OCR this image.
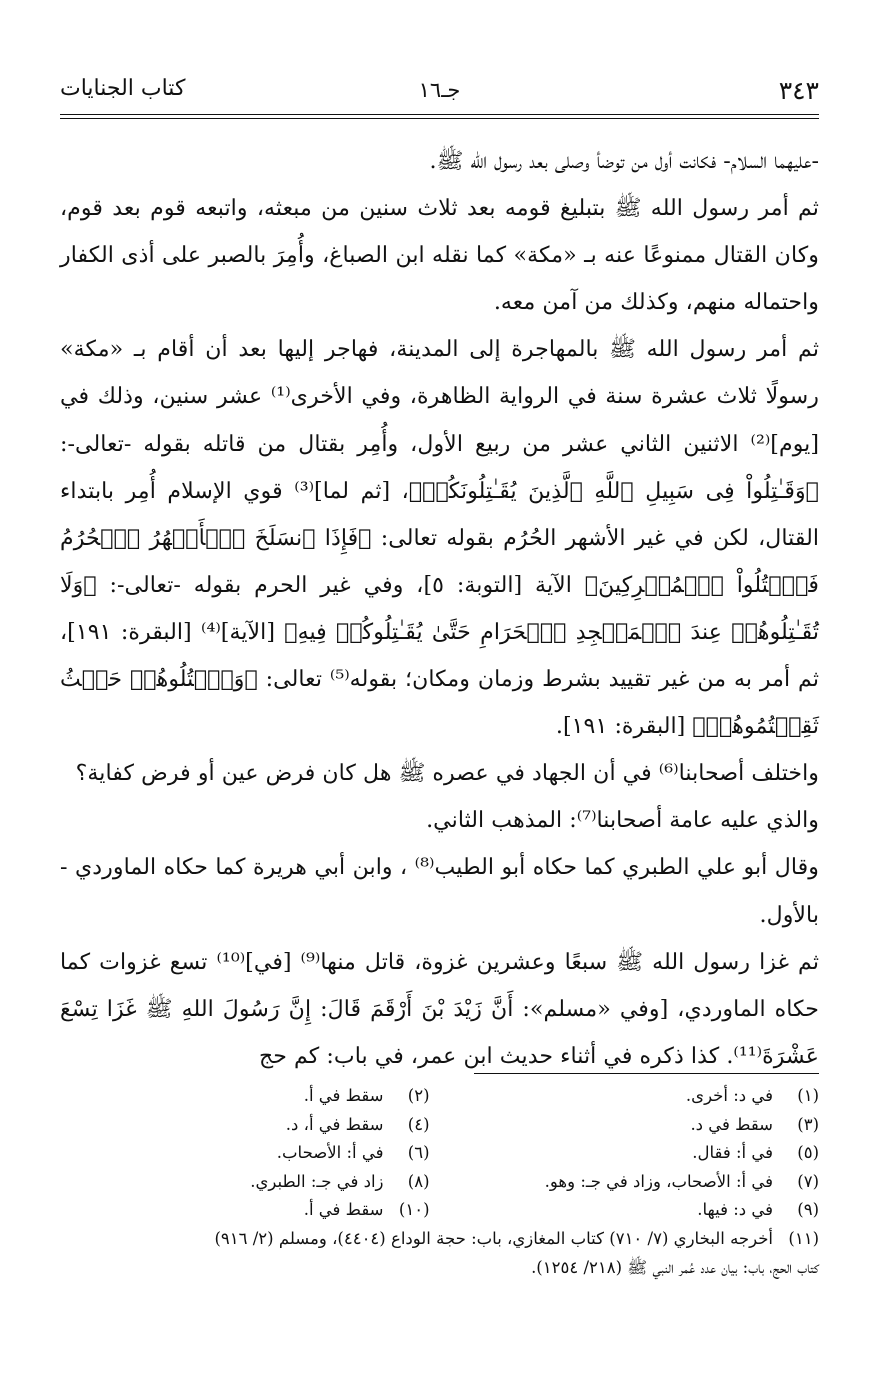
٣٤٣
جـ١٦
كتاب الجنايات

-عليهما السلام- فكانت أول من توضأ وصلى بعد رسول الله ﷺ.

ثم أمر رسول الله ﷺ بتبليغ قومه بعد ثلاث سنين من مبعثه، واتبعه قوم بعد قوم، وكان القتال ممنوعًا عنه بـ «مكة» كما نقله ابن الصباغ، وأُمِرَ بالصبر على أذى الكفار واحتماله منهم، وكذلك من آمن معه.

ثم أمر رسول الله ﷺ بالمهاجرة إلى المدينة، فهاجر إليها بعد أن أقام بـ «مكة» رسولًا ثلاث عشرة سنة في الرواية الظاهرة، وفي الأخرى⁽¹⁾ عشر سنين، وذلك في [يوم]⁽²⁾ الاثنين الثاني عشر من ربيع الأول، وأُمِر بقتال من قاتله بقوله -تعالى-: ﴿وَقَـٰتِلُواْ فِى سَبِيلِ ٱللَّهِ ٱلَّذِينَ يُقَـٰتِلُونَكُمۡ﴾، [ثم لما]⁽³⁾ قوي الإسلام أُمِر بابتداء القتال، لكن في غير الأشهر الحُرُم بقوله تعالى: ﴿فَإِذَا ٱنسَلَخَ ٱلۡأَشۡهُرُ ٱلۡحُرُمُ فَٱقۡتُلُواْ ٱلۡمُشۡرِكِينَ﴾ الآية [التوبة: ٥]، وفي غير الحرم بقوله -تعالى-: ﴿وَلَا تُقَـٰتِلُوهُمۡ عِندَ ٱلۡمَسۡجِدِ ٱلۡحَرَامِ حَتَّىٰ يُقَـٰتِلُوكُمۡ فِيهِ﴾ [الآية]⁽⁴⁾ [البقرة: ١٩١]، ثم أمر به من غير تقييد بشرط وزمان ومكان؛ بقوله⁽⁵⁾ تعالى: ﴿وَٱقۡتُلُوهُمۡ حَيۡثُ ثَقِفۡتُمُوهُمۡ﴾ [البقرة: ١٩١].

واختلف أصحابنا⁽⁶⁾ في أن الجهاد في عصره ﷺ هل كان فرض عين أو فرض كفاية؟

والذي عليه عامة أصحابنا⁽⁷⁾: المذهب الثاني.

وقال أبو علي الطبري كما حكاه أبو الطيب⁽⁸⁾ ، وابن أبي هريرة كما حكاه الماوردي - بالأول.

ثم غزا رسول الله ﷺ سبعًا وعشرين غزوة، قاتل منها⁽⁹⁾ [في]⁽¹⁰⁾ تسع غزوات كما حكاه الماوردي، [وفي «مسلم»: أَنَّ زَيْدَ بْنَ أَرْقَمَ قَالَ: إِنَّ رَسُولَ اللهِ ﷺ غَزَا تِسْعَ عَشْرَةَ⁽¹¹⁾. كذا ذكره في أثناء حديث ابن عمر، في باب: كم حج

(١)في د: أخرى.
(٢)سقط في أ.
(٣)سقط في د.
(٤)سقط في أ، د.
(٥)في أ: فقال.
(٦)في أ: الأصحاب.
(٧)في أ: الأصحاب، وزاد في جـ: وهو.
(٨)زاد في جـ: الطبري.
(٩)في د: فيها.
(١٠)سقط في أ.

(١١)أخرجه البخاري (٧/ ٧١٠) كتاب المغازي، باب: حجة الوداع (٤٤٠٤)، ومسلم (٢/ ٩١٦)

كتاب الحج، باب: بيان عدد عُمر النبي ﷺ (٢١٨/ ١٢٥٤).
